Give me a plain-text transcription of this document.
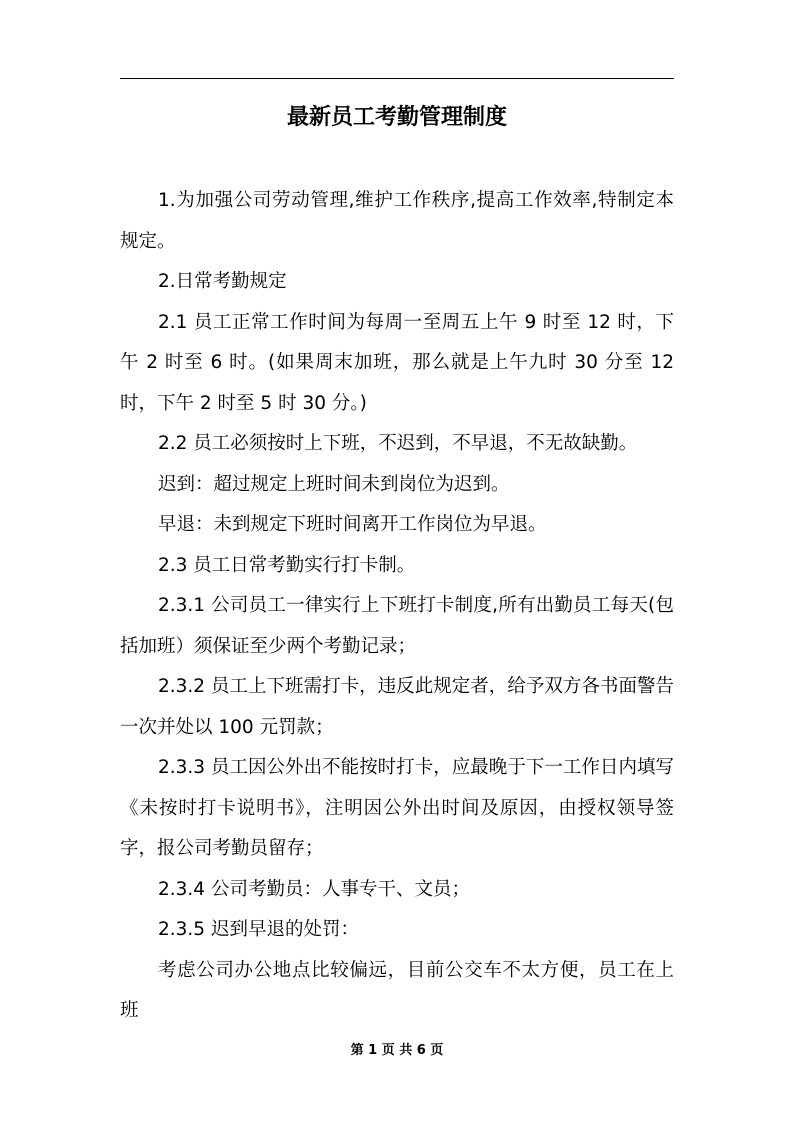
最新员工考勤管理制度

1.为加强公司劳动管理,维护工作秩序,提高工作效率,特制定本规定。

2.日常考勤规定

2.1 员工正常工作时间为每周一至周五上午 9 时至 12 时，下午 2 时至 6 时。(如果周末加班，那么就是上午九时 30 分至 12 时，下午 2 时至 5 时 30 分。)

2.2 员工必须按时上下班，不迟到，不早退，不无故缺勤。

迟到：超过规定上班时间未到岗位为迟到。

早退：未到规定下班时间离开工作岗位为早退。

2.3 员工日常考勤实行打卡制。

2.3.1 公司员工一律实行上下班打卡制度,所有出勤员工每天(包括加班）须保证至少两个考勤记录；

2.3.2 员工上下班需打卡，违反此规定者，给予双方各书面警告一次并处以 100 元罚款；

2.3.3 员工因公外出不能按时打卡，应最晚于下一工作日内填写《未按时打卡说明书》，注明因公外出时间及原因，由授权领导签字，报公司考勤员留存；

2.3.4 公司考勤员：人事专干、文员；

2.3.5 迟到早退的处罚：

考虑公司办公地点比较偏远，目前公交车不太方便，员工在上班

第 1 页 共 6 页
